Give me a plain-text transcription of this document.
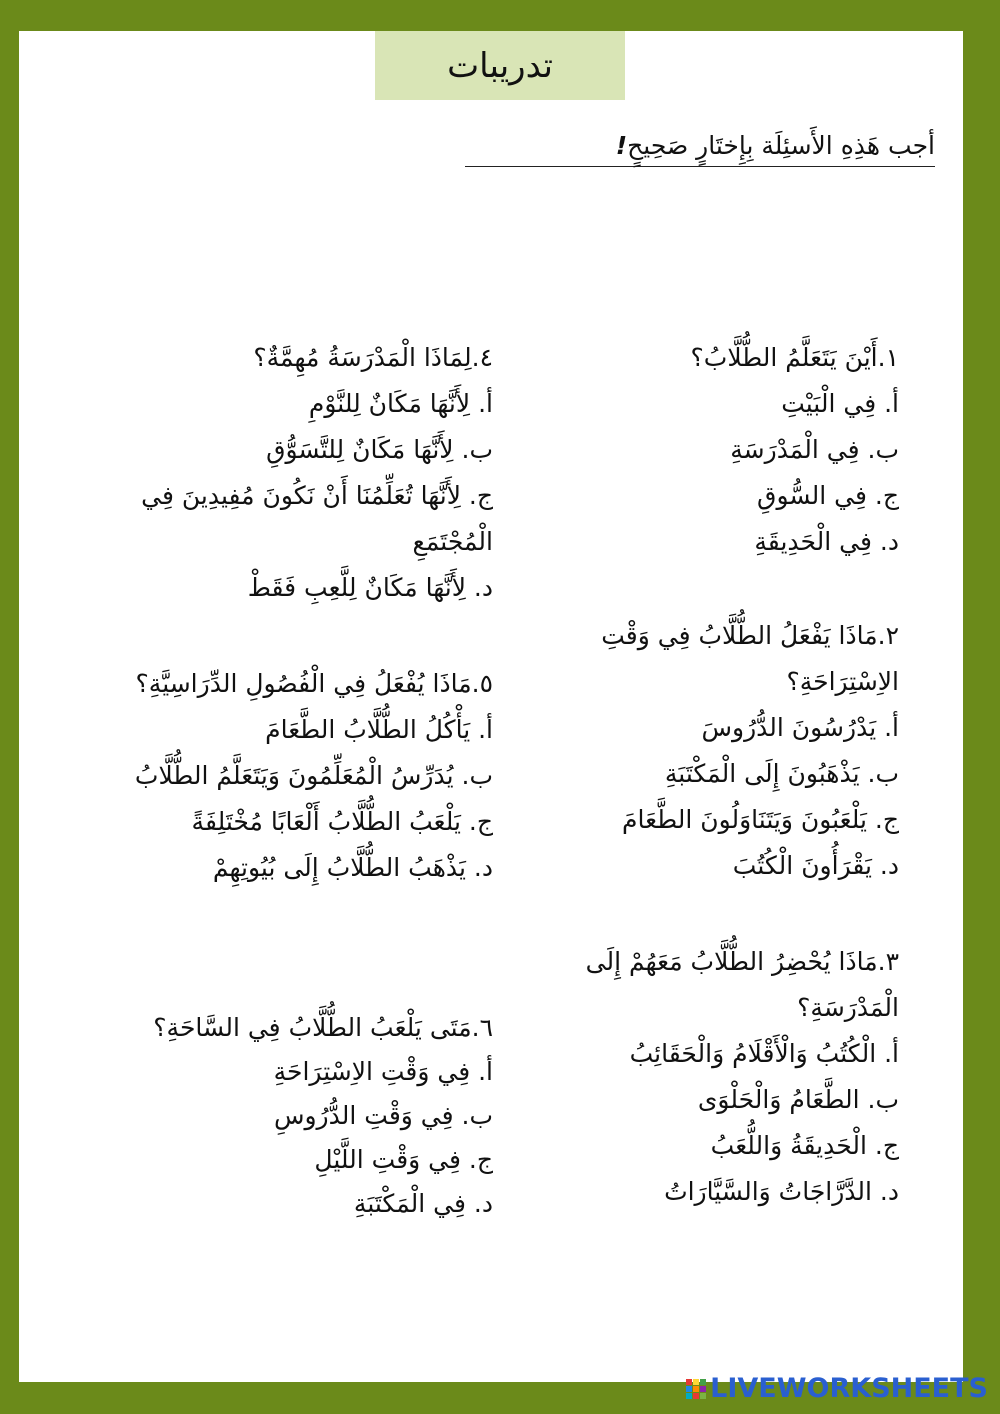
تدريبات
أجب هَذِهِ الأَسئِلَة بِإِختَارٍ صَحِيحٍ!
١.أَيْنَ يَتَعَلَّمُ الطُّلَّابُ؟
أ. فِي الْبَيْتِ
ب. فِي الْمَدْرَسَةِ
ج. فِي السُّوقِ
د. فِي الْحَدِيقَةِ
٢.مَاذَا يَفْعَلُ الطُّلَّابُ فِي وَقْتِ الاِسْتِرَاحَةِ؟
أ. يَدْرُسُونَ الدُّرُوسَ
ب. يَذْهَبُونَ إِلَى الْمَكْتَبَةِ
ج. يَلْعَبُونَ وَيَتَنَاوَلُونَ الطَّعَامَ
د. يَقْرَأُونَ الْكُتُبَ
٣.مَاذَا يُحْضِرُ الطُّلَّابُ مَعَهُمْ إِلَى الْمَدْرَسَةِ؟
أ. الْكُتُبُ وَالْأَقْلَامُ وَالْحَقَائِبُ
ب. الطَّعَامُ وَالْحَلْوَى
ج. الْحَدِيقَةُ وَاللُّعَبُ
د. الدَّرَّاجَاتُ وَالسَّيَّارَاتُ
٤.لِمَاذَا الْمَدْرَسَةُ مُهِمَّةٌ؟
أ. لِأَنَّهَا مَكَانٌ لِلنَّوْمِ
ب. لِأَنَّهَا مَكَانٌ لِلتَّسَوُّقِ
ج. لِأَنَّهَا تُعَلِّمُنَا أَنْ نَكُونَ مُفِيدِينَ فِي الْمُجْتَمَعِ
د. لِأَنَّهَا مَكَانٌ لِلَّعِبِ فَقَطْ
٥.مَاذَا يُفْعَلُ فِي الْفُصُولِ الدِّرَاسِيَّةِ؟
أ. يَأْكُلُ الطُّلَّابُ الطَّعَامَ
ب. يُدَرِّسُ الْمُعَلِّمُونَ وَيَتَعَلَّمُ الطُّلَّابُ
ج. يَلْعَبُ الطُّلَّابُ أَلْعَابًا مُخْتَلِفَةً
د. يَذْهَبُ الطُّلَّابُ إِلَى بُيُوتِهِمْ
٦.مَتَى يَلْعَبُ الطُّلَّابُ فِي السَّاحَةِ؟
أ. فِي وَقْتِ الاِسْتِرَاحَةِ
ب. فِي وَقْتِ الدُّرُوسِ
ج. فِي وَقْتِ اللَّيْلِ
د. فِي الْمَكْتَبَةِ
LIVEWORKSHEETS
